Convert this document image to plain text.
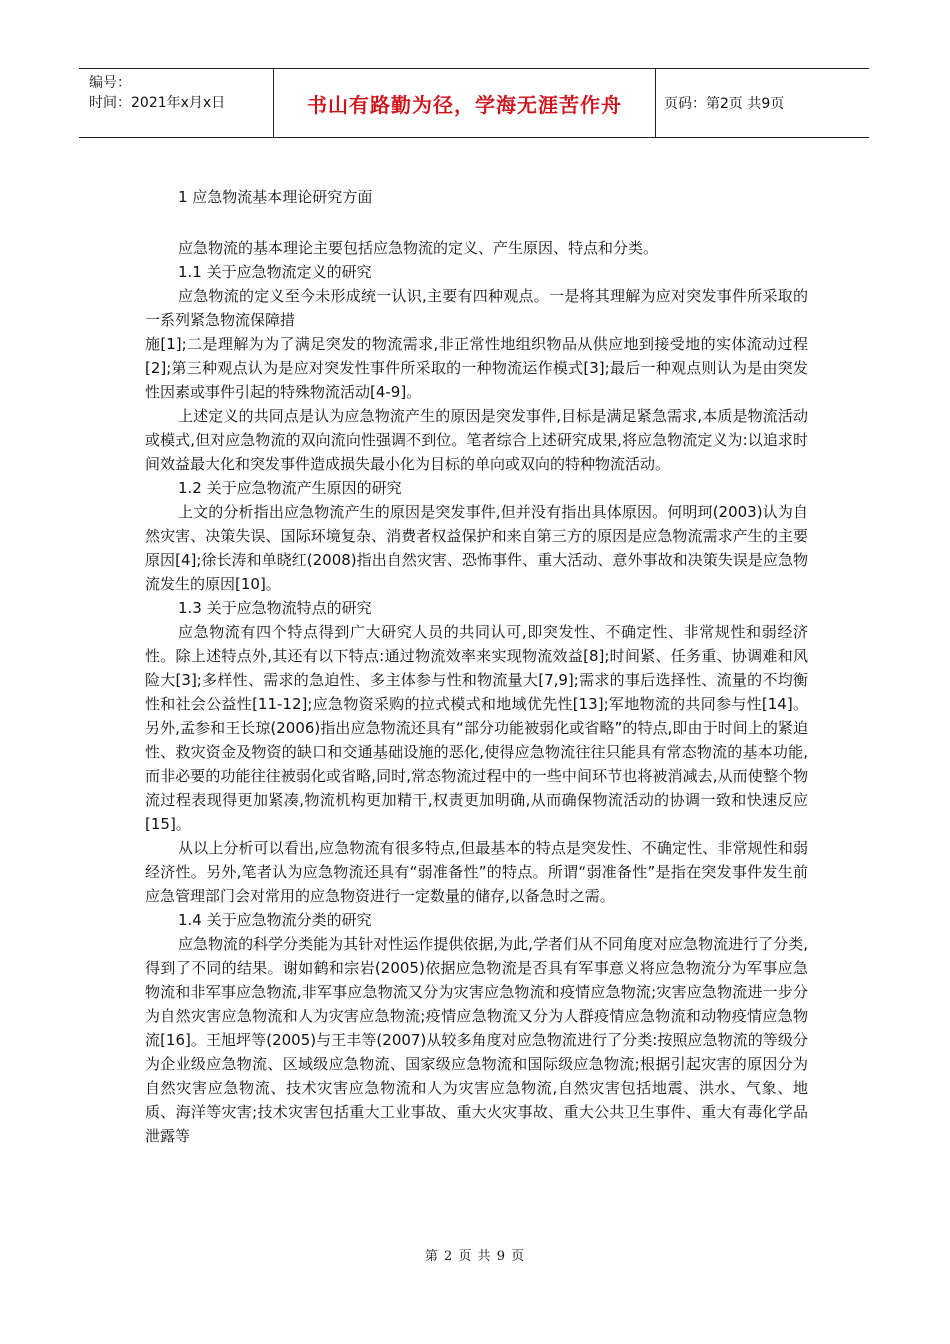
编号：
时间：2021年x月x日	书山有路勤为径，学海无涯苦作舟	页码：第2页 共9页

1 应急物流基本理论研究方面

应急物流的基本理论主要包括应急物流的定义、产生原因、特点和分类。

1.1 关于应急物流定义的研究

应急物流的定义至今未形成统一认识,主要有四种观点。一是将其理解为应对突发事件所采取的一系列紧急物流保障措

施[1];二是理解为为了满足突发的物流需求,非正常性地组织物品从供应地到接受地的实体流动过程[2];第三种观点认为是应对突发性事件所采取的一种物流运作模式[3];最后一种观点则认为是由突发性因素或事件引起的特殊物流活动[4-9]。

上述定义的共同点是认为应急物流产生的原因是突发事件,目标是满足紧急需求,本质是物流活动或模式,但对应急物流的双向流向性强调不到位。笔者综合上述研究成果,将应急物流定义为:以追求时间效益最大化和突发事件造成损失最小化为目标的单向或双向的特种物流活动。

1.2 关于应急物流产生原因的研究

上文的分析指出应急物流产生的原因是突发事件,但并没有指出具体原因。何明珂(2003)认为自然灾害、决策失误、国际环境复杂、消费者权益保护和来自第三方的原因是应急物流需求产生的主要原因[4];徐长涛和单晓红(2008)指出自然灾害、恐怖事件、重大活动、意外事故和决策失误是应急物流发生的原因[10]。

1.3 关于应急物流特点的研究

应急物流有四个特点得到广大研究人员的共同认可,即突发性、不确定性、非常规性和弱经济性。除上述特点外,其还有以下特点:通过物流效率来实现物流效益[8];时间紧、任务重、协调难和风险大[3];多样性、需求的急迫性、多主体参与性和物流量大[7,9];需求的事后选择性、流量的不均衡性和社会公益性[11-12];应急物资采购的拉式模式和地域优先性[13];军地物流的共同参与性[14]。另外,孟参和王长琼(2006)指出应急物流还具有“部分功能被弱化或省略”的特点,即由于时间上的紧迫性、救灾资金及物资的缺口和交通基础设施的恶化,使得应急物流往往只能具有常态物流的基本功能,而非必要的功能往往被弱化或省略,同时,常态物流过程中的一些中间环节也将被消减去,从而使整个物流过程表现得更加紧凑,物流机构更加精干,权责更加明确,从而确保物流活动的协调一致和快速反应[15]。

从以上分析可以看出,应急物流有很多特点,但最基本的特点是突发性、不确定性、非常规性和弱经济性。另外,笔者认为应急物流还具有“弱准备性”的特点。所谓“弱准备性”是指在突发事件发生前应急管理部门会对常用的应急物资进行一定数量的储存,以备急时之需。

1.4 关于应急物流分类的研究

应急物流的科学分类能为其针对性运作提供依据,为此,学者们从不同角度对应急物流进行了分类,得到了不同的结果。谢如鹤和宗岩(2005)依据应急物流是否具有军事意义将应急物流分为军事应急物流和非军事应急物流,非军事应急物流又分为灾害应急物流和疫情应急物流;灾害应急物流进一步分为自然灾害应急物流和人为灾害应急物流;疫情应急物流又分为人群疫情应急物流和动物疫情应急物流[16]。王旭坪等(2005)与王丰等(2007)从较多角度对应急物流进行了分类:按照应急物流的等级分为企业级应急物流、区域级应急物流、国家级应急物流和国际级应急物流;根据引起灾害的原因分为自然灾害应急物流、技术灾害应急物流和人为灾害应急物流,自然灾害包括地震、洪水、气象、地质、海洋等灾害;技术灾害包括重大工业事故、重大火灾事故、重大公共卫生事件、重大有毒化学品泄露等

第 2 页 共 9 页
